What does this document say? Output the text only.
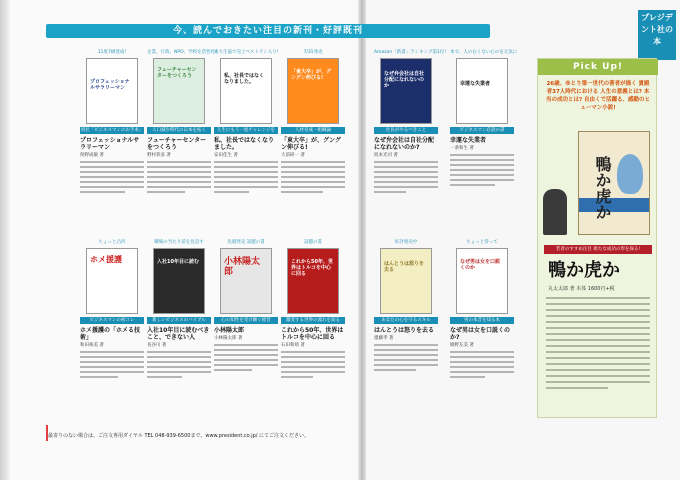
今、読んでおきたい注目の新刊・好評既刊
プレジデント社の本
11度7刷達成!
プロフェッショナルサラリーマン
同社「ビジネスマンのお手本」
プロフェッショナルサラリーマン
俣野成敏 著
企業、行政、NPO、学校を活性化!
フューチャーセンターをつくろう
人口減少時代の日本を拓く
フューチャーセンターをつくろう
野村恭彦 著
東大生協で売上ベストテン入り!
私、社長ではなくなりました。
人生にもう一度チャレンジを
私、社長ではなくなりました。
安田佳生 著
7/31発売
「東大卒」が、グングン伸びる!
人材育成・組織論
「東大卒」が、グングン伸びる!
大前研一 著
Amazon「新書」ランキング第1位!
なぜ弁会社は自社分配になれないのか
社長がやるべきこと
なぜ弁会社は自社分配になれないのか?
坂本光司 著
本で、人のむくない心のを元気に
幸運な失業者
ビジネスマン必読の書
幸運な失業者
一条和生 著
ちょっと凸凹
ホメ援護
ビジネスマンの初コレ
ホメ援護の「ホメる技術」
和田裕美 著
職場の当たり前を見直す
入社10年目に読む
新しいビジネスのバイブル
入社10年目に読むべきこと、できない人
長谷川 著
先週発売 話題の書
小林陽太郎
心の知性を受け継ぐ経営
小林陽太郎
小林陽太郎 著
話題の書
これから50年、世界はトルコを中心に回る
激変する世界の流れを知る
これから50年、世界はトルコを中心に回る
石田和靖 著
好評発売中
はんとうは怒りを去る
あなたの心を守るスキル
はんとうは怒りを去る
齋藤孝 著
ちょっと待って
なぜ男は女を口説くのか
男の本音を知る本
なぜ男は女を口説くのか?
姫野友美 著
最寄りのない場合は、ご注文専用ダイヤル TEL 048-939-6500まで。www.president.co.jp/ にてご注文ください。
Pick Up!
26歳、ゆとり第一世代の著者が描く 貴殿者37人時代における 人生の意義とは? 本当の成功とは? 自由くで活躍る、感動のヒューマン小説!
鴨か虎か
若者のすすめ注目 新たな成功の形を探る!
鴨か虎か
丸太太郎 著 本体 1600円+税
